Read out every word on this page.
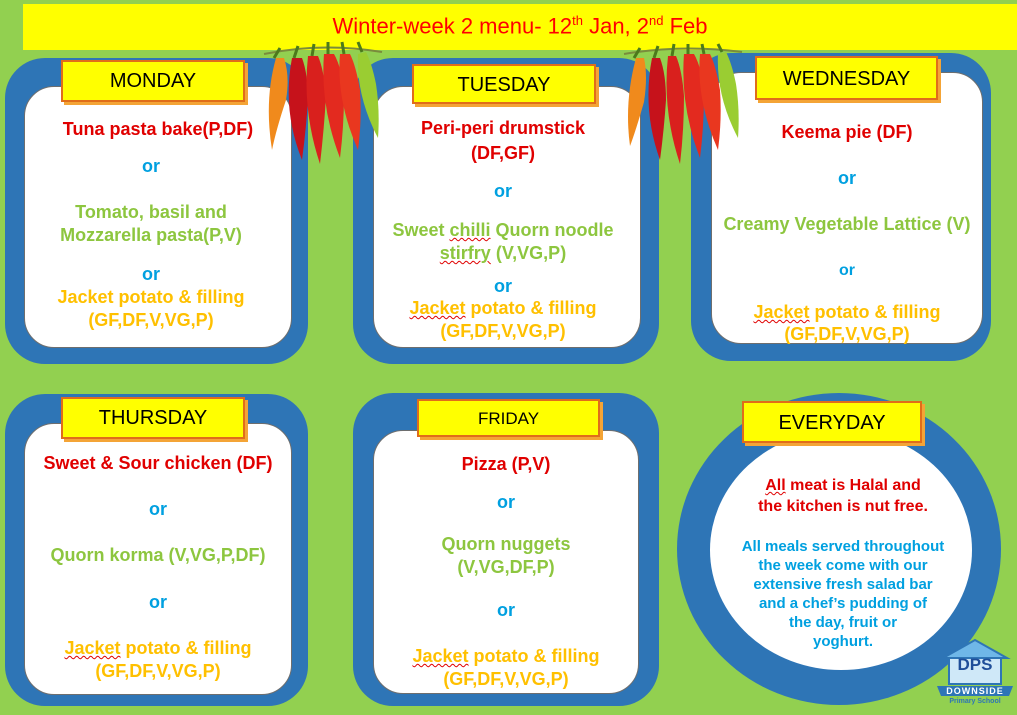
Winter-week 2 menu- 12th Jan, 2nd Feb
MONDAY
Tuna pasta bake(P,DF)
or
Tomato, basil and
Mozzarella pasta(P,V)
or
Jacket potato & filling
(GF,DF,V,VG,P)
TUESDAY
Peri-peri drumstick
(DF,GF)
or
Sweet chilli Quorn noodle
stirfry (V,VG,P)
or
Jacket potato & filling
(GF,DF,V,VG,P)
WEDNESDAY
Keema pie (DF)
or
Creamy Vegetable Lattice (V)
or
Jacket potato & filling
(GF,DF,V,VG,P)
THURSDAY
Sweet & Sour chicken (DF)
or
Quorn korma (V,VG,P,DF)
or
Jacket potato & filling
(GF,DF,V,VG,P)
FRIDAY
Pizza (P,V)
or
Quorn nuggets
(V,VG,DF,P)
or
Jacket potato & filling
(GF,DF,V,VG,P)
EVERYDAY
All meat is Halal and
the kitchen is nut free.
All meals served throughout
the week come with our
extensive fresh salad bar
and a chef’s pudding of
the day, fruit or
yoghurt.
DPS
DOWNSIDE
Primary School
